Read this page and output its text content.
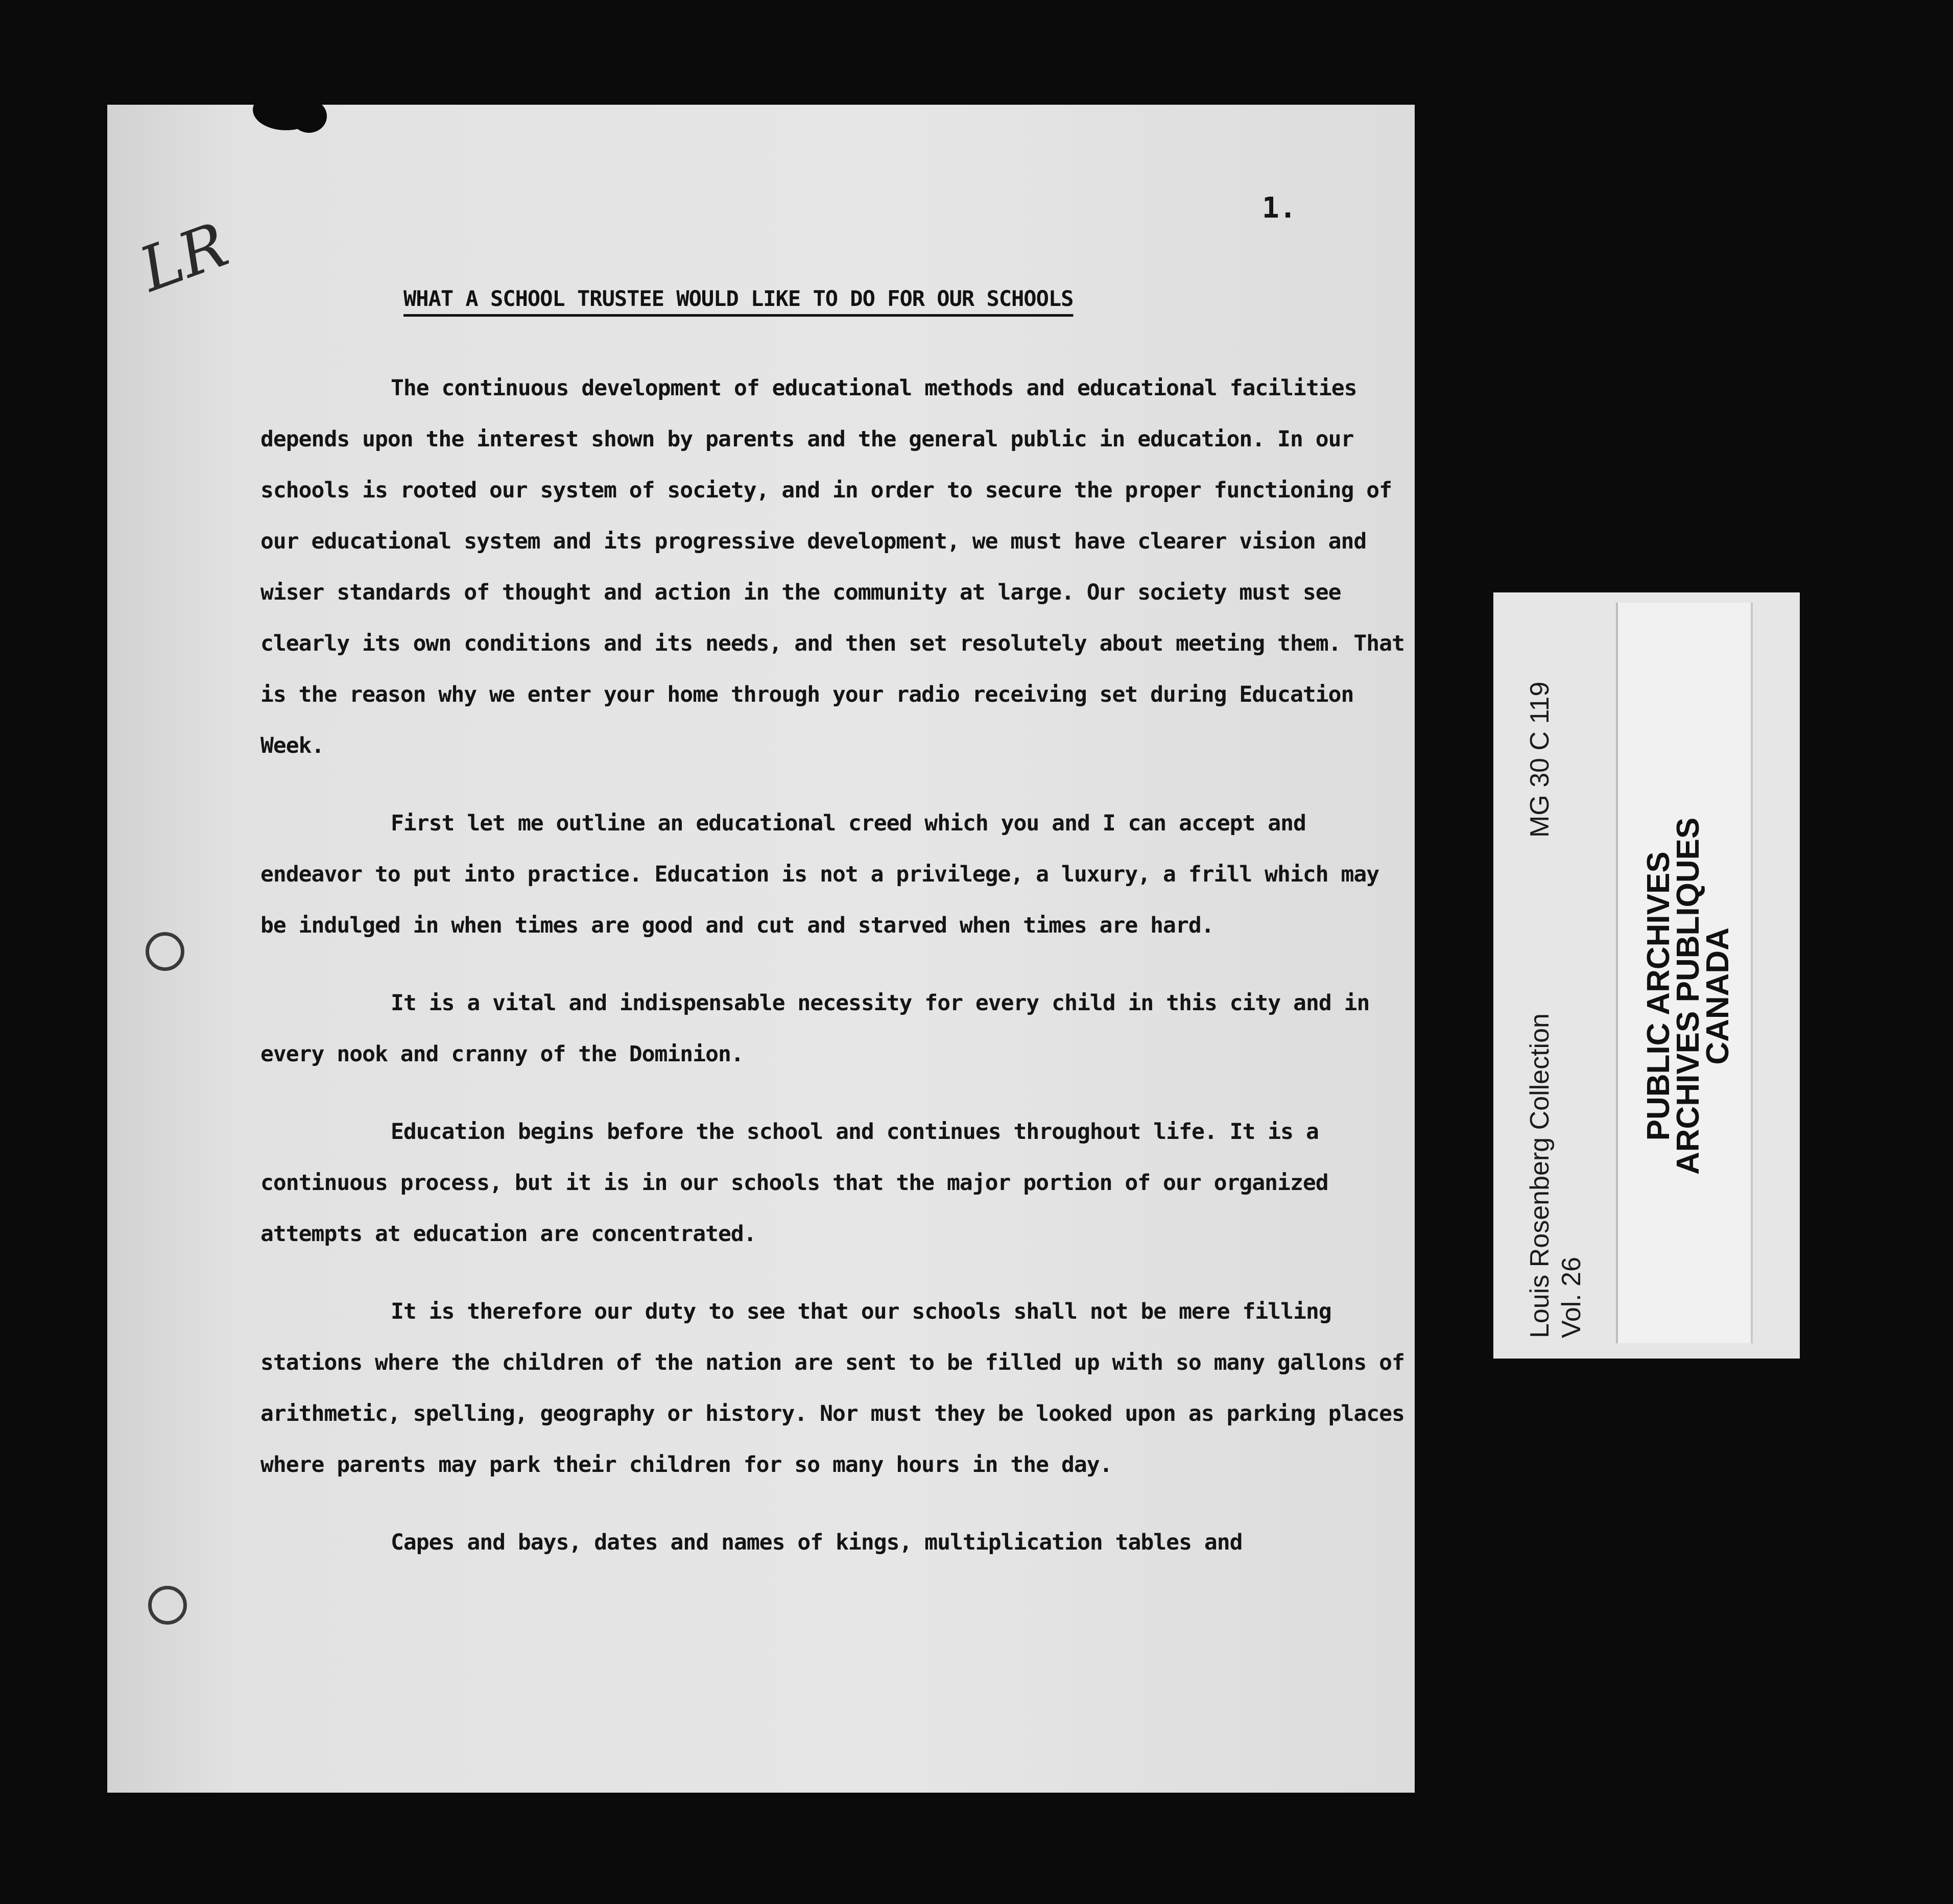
LR
1.
WHAT A SCHOOL TRUSTEE WOULD LIKE TO DO FOR OUR SCHOOLS

The continuous development of educational methods and educational facilities depends upon the interest shown by parents and the general public in education. In our schools is rooted our system of society, and in order to secure the proper functioning of our educational system and its progressive development, we must have clearer vision and wiser standards of thought and action in the community at large. Our society must see clearly its own conditions and its needs, and then set resolutely about meeting them. That is the reason why we enter your home through your radio receiving set during Education Week.

First let me outline an educational creed which you and I can accept and endeavor to put into practice. Education is not a privilege, a luxury, a frill which may be indulged in when times are good and cut and starved when times are hard.

It is a vital and indispensable necessity for every child in this city and in every nook and cranny of the Dominion.

Education begins before the school and continues throughout life. It is a continuous process, but it is in our schools that the major portion of our organized attempts at education are concentrated.

It is therefore our duty to see that our schools shall not be mere filling stations where the children of the nation are sent to be filled up with so many gallons of arithmetic, spelling, geography or history. Nor must they be looked upon as parking places where parents may park their children for so many hours in the day.

Capes and bays, dates and names of kings, multiplication tables and

Louis Rosenberg Collection Vol. 26
MG 30 C 119
PUBLIC ARCHIVES
ARCHIVES PUBLIQUES
CANADA
